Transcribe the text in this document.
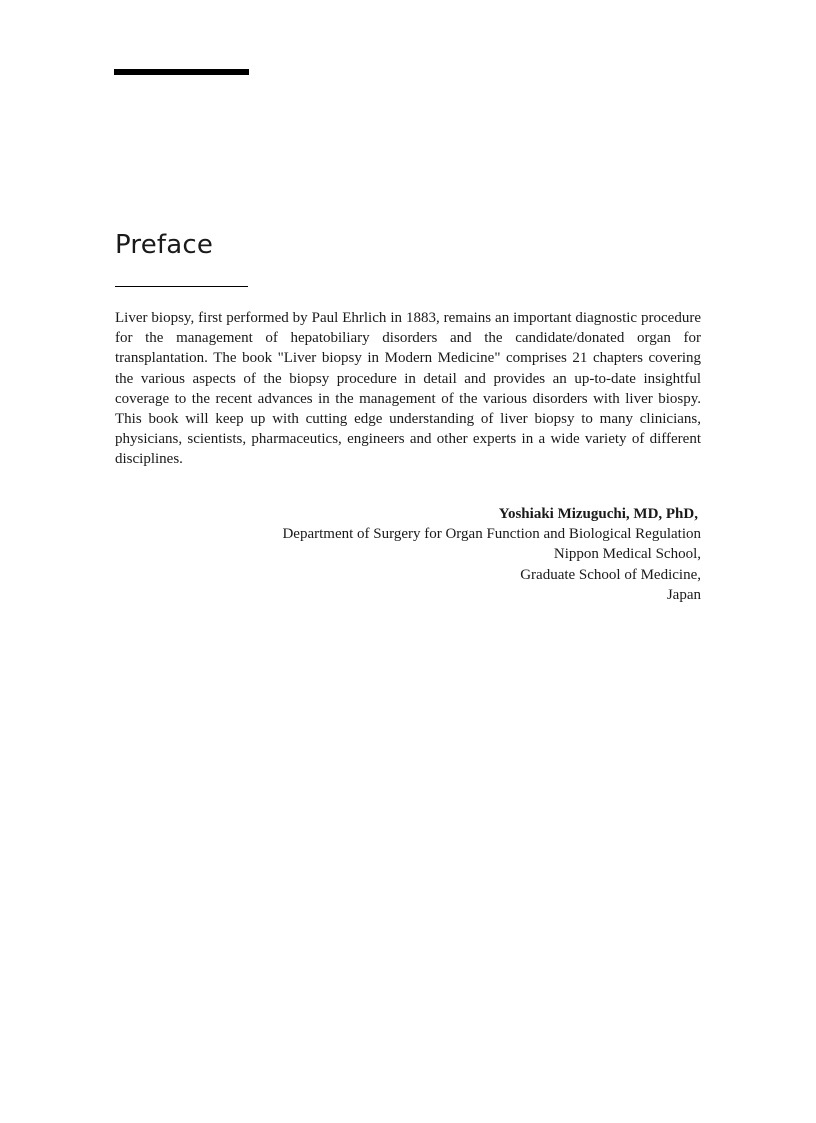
Preface

Liver biopsy, first performed by Paul Ehrlich in 1883, remains an important diagnostic procedure for the management of hepatobiliary disorders and the candidate/donated organ for transplantation. The book "Liver biopsy in Modern Medicine" comprises 21 chapters covering the various aspects of the biopsy procedure in detail and provides an up-to-date insightful coverage to the recent advances in the management of the various disorders with liver biospy. This book will keep up with cutting edge understanding of liver biopsy to many clinicians, physicians, scientists, pharmaceutics, engineers and other experts in a wide variety of different disciplines.

Yoshiaki Mizuguchi, MD, PhD,
Department of Surgery for Organ Function and Biological Regulation
Nippon Medical School,
Graduate School of Medicine,
Japan
